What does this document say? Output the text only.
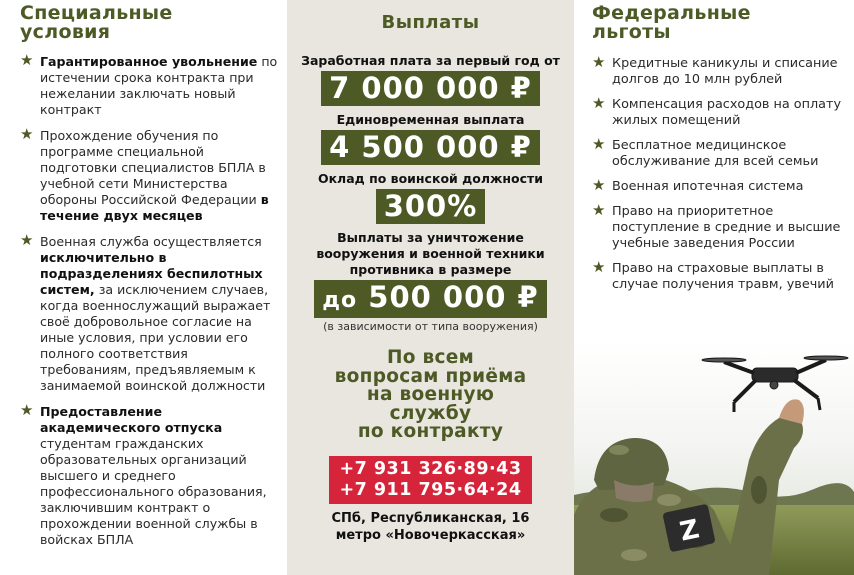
Специальные
условия
★ Гарантированное увольнение по истечении срока контракта при нежелании заключать новый контракт
★ Прохождение обучения по программе специальной подготовки специалистов БПЛА в учебной сети Министерства обороны Российской Федерации в течение двух месяцев
★ Военная служба осуществляется исключительно в подразделениях беспилотных систем, за исключением случаев, когда военнослужащий выражает своё добровольное согласие на иные условия, при условии его полного соответствия требованиям, предъявляемым к занимаемой воинской должности
★ Предоставление академического отпуска студентам гражданских образовательных организаций высшего и среднего профессионального образования, заключившим контракт о прохождении военной службы в войсках БПЛА
Выплаты
Заработная плата за первый год от
7 000 000 ₽
Единовременная выплата
4 500 000 ₽
Оклад по воинской должности
300%
Выплаты за уничтожение вооружения и военной техники противника в размере
до 500 000 ₽
(в зависимости от типа вооружения)
По всем
вопросам приёма
на военную
службу
по контракту
+7 931 326·89·43
+7 911 795·64·24
СПб, Республиканская, 16
метро «Новочеркасская»
Федеральные
льготы
★ Кредитные каникулы и списание долгов до 10 млн рублей
★ Компенсация расходов на оплату жилых помещений
★ Бесплатное медицинское обслуживание для всей семьи
★ Военная ипотечная система
★ Право на приоритетное поступление в средние и высшие учебные заведения России
★ Право на страховые выплаты в случае получения травм, увечий
Z
